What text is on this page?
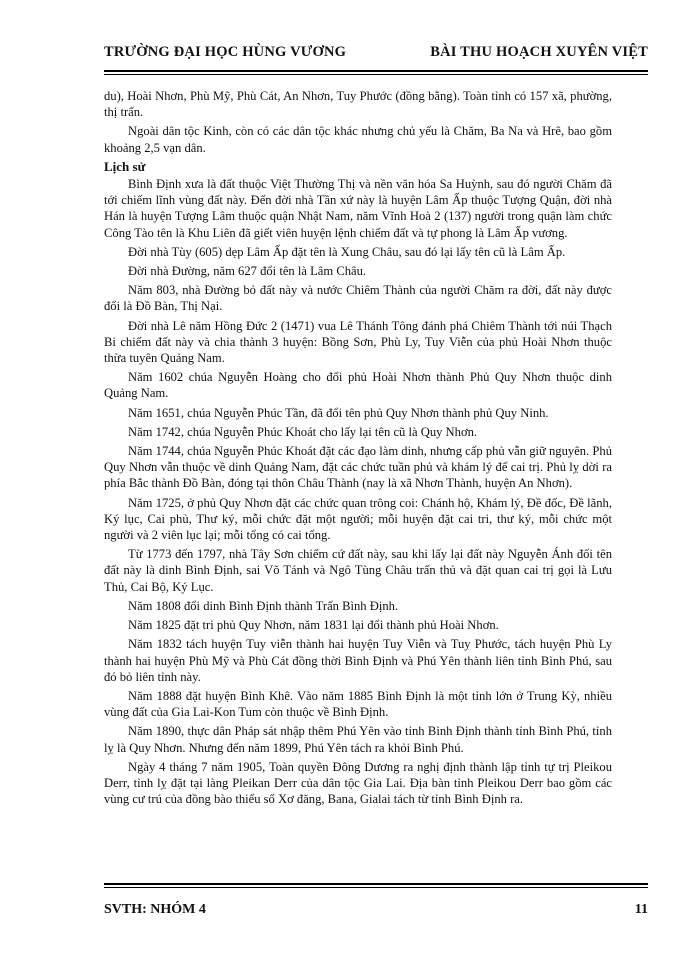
TRƯỜNG ĐẠI HỌC HÙNG VƯƠNG	BÀI THU HOẠCH XUYÊN VIỆT

du), Hoài Nhơn, Phù Mỹ, Phù Cát, An Nhơn, Tuy Phước (đồng bằng). Toàn tỉnh có 157 xã, phường, thị trấn.

Ngoài dân tộc Kinh, còn có các dân tộc khác nhưng chủ yếu là Chăm, Ba Na và Hrê, bao gồm khoảng 2,5 vạn dân.

Lịch sử

Bình Định xưa là đất thuộc Việt Thường Thị và nền văn hóa Sa Huỳnh, sau đó người Chăm đã tới chiếm lĩnh vùng đất này. Đến đời nhà Tần xứ này là huyện Lâm Ấp thuộc Tượng Quận, đời nhà Hán là huyện Tượng Lâm thuộc quận Nhật Nam, năm Vĩnh Hoà 2 (137) người trong quận làm chức Công Tào tên là Khu Liên đã giết viên huyện lệnh chiếm đất và tự phong là Lâm Ấp vương.

Đời nhà Tùy (605) dẹp Lâm Ấp đặt tên là Xung Châu, sau đó lại lấy tên cũ là Lâm Ấp.

Đời nhà Đường, năm 627 đổi tên là Lâm Châu.

Năm 803, nhà Đường bỏ đất này và nước Chiêm Thành của người Chăm ra đời, đất này được đổi là Đồ Bàn, Thị Nại.

Đời nhà Lê năm Hồng Đức 2 (1471) vua Lê Thánh Tông đánh phá Chiêm Thành tới núi Thạch Bi chiếm đất này và chia thành 3 huyện: Bồng Sơn, Phù Ly, Tuy Viễn của phủ Hoài Nhơn thuộc thừa tuyên Quảng Nam.

Năm 1602 chúa Nguyễn Hoàng cho đổi phủ Hoài Nhơn thành Phủ Quy Nhơn thuộc dinh Quảng Nam.

Năm 1651, chúa Nguyễn Phúc Tần, đã đổi tên phủ Quy Nhơn thành phủ Quy Ninh.

Năm 1742, chúa Nguyễn Phúc Khoát cho lấy lại tên cũ là Quy Nhơn.

Năm 1744, chúa Nguyễn Phúc Khoát đặt các đạo làm dinh, nhưng cấp phủ vẫn giữ nguyên. Phủ Quy Nhơn vẫn thuộc về dinh Quảng Nam, đặt các chức tuần phủ và khám lý để cai trị. Phủ lỵ dời ra phía Bắc thành Đồ Bàn, đóng tại thôn Châu Thành (nay là xã Nhơn Thành, huyện An Nhơn).

Năm 1725, ở phủ Quy Nhơn đặt các chức quan trông coi: Chánh hộ, Khám lý, Đề đốc, Đề lãnh, Ký lục, Cai phủ, Thư ký, mỗi chức đặt một người; mỗi huyện đặt cai tri, thư ký, mỗi chức một người và 2 viên lục lại; mỗi tổng có cai tổng.

Từ 1773 đến 1797, nhà Tây Sơn chiếm cứ đất này, sau khi lấy lại đất này Nguyễn Ánh đổi tên đất này là dinh Bình Định, sai Võ Tánh và Ngô Tùng Châu trấn thủ và đặt quan cai trị gọi là Lưu Thủ, Cai Bộ, Ký Lục.

Năm 1808 đổi dinh Bình Định thành Trấn Bình Định.

Năm 1825 đặt tri phủ Quy Nhơn, năm 1831 lại đổi thành phủ Hoài Nhơn.

Năm 1832 tách huyện Tuy viễn thành hai huyện Tuy Viễn và Tuy Phước, tách huyện Phù Ly thành hai huyện Phù Mỹ và Phù Cát đồng thời Bình Định và Phú Yên thành liên tỉnh Bình Phú, sau đó bỏ liên tỉnh này.

Năm 1888 đặt huyện Bình Khê. Vào năm 1885 Bình Định là một tỉnh lớn ở Trung Kỳ, nhiều vùng đất của Gia Lai-Kon Tum còn thuộc về Bình Định.

Năm 1890, thực dân Pháp sát nhập thêm Phú Yên vào tỉnh Bình Định thành tỉnh Bình Phú, tỉnh lỵ là Quy Nhơn. Nhưng đến năm 1899, Phú Yên tách ra khỏi Bình Phú.

Ngày 4 tháng 7 năm 1905, Toàn quyền Đông Dương ra nghị định thành lập tỉnh tự trị Pleikou Derr, tỉnh lỵ đặt tại làng Pleikan Derr của dân tộc Gia Lai. Địa bàn tỉnh Pleikou Derr bao gồm các vùng cư trú của đồng bào thiểu số Xơ đăng, Bana, Gialai tách từ tỉnh Bình Định ra.

SVTH: NHÓM 4	11
